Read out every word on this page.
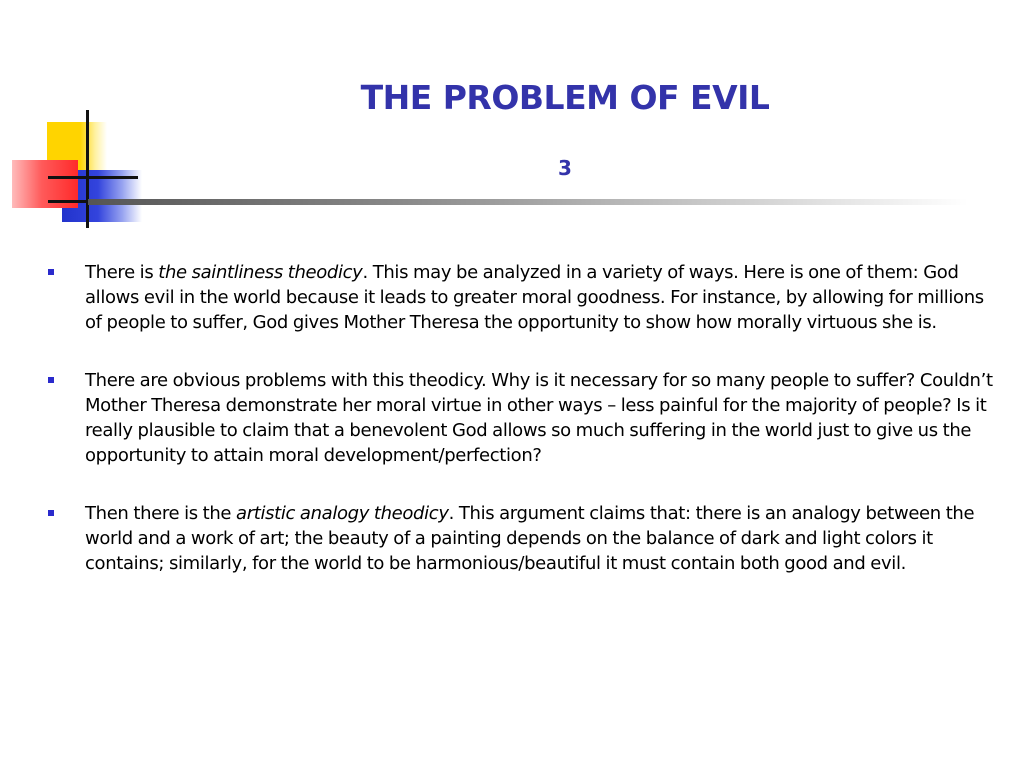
THE PROBLEM OF EVIL
3
There is the saintliness theodicy. This may be analyzed in a variety of ways. Here is one of them: God allows evil in the world because it leads to greater moral goodness. For instance, by allowing for millions of people to suffer, God gives Mother Theresa the opportunity to show how morally virtuous she is.
There are obvious problems with this theodicy. Why is it necessary for so many people to suffer? Couldn’t Mother Theresa demonstrate her moral virtue in other ways – less painful for the majority of people? Is it really plausible to claim that a benevolent God allows so much suffering in the world just to give us the opportunity to attain moral development/perfection?
Then there is the artistic analogy theodicy. This argument claims that: there is an analogy between the world and a work of art; the beauty of a painting depends on the balance of dark and light colors it contains; similarly, for the world to be harmonious/beautiful it must contain both good and evil.
